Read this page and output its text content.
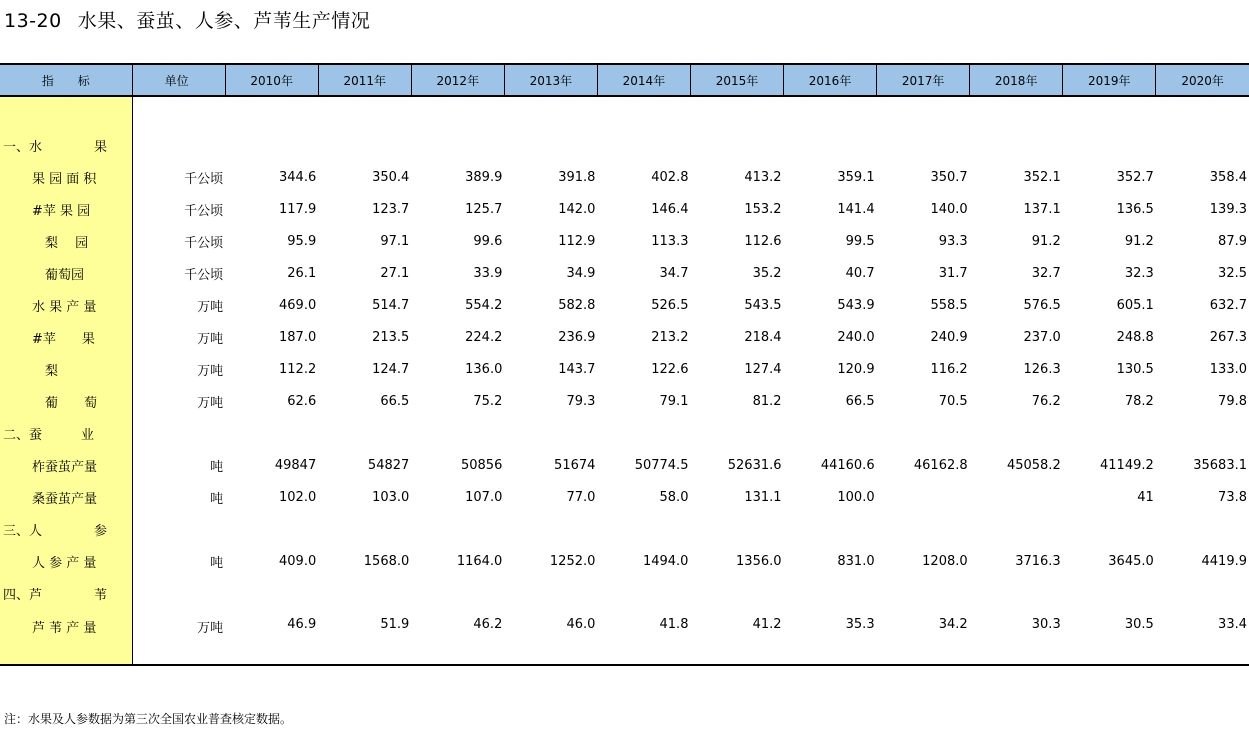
13-20 水果、蚕茧、人参、芦苇生产情况
指　　标	单位	2010年	2011年	2012年	2013年	2014年	2015年	2016年	2017年	2018年	2019年	2020年

一、水　　　　果												
果 园 面 积	千公顷	344.6	350.4	389.9	391.8	402.8	413.2	359.1	350.7	352.1	352.7	358.4
#苹 果 园	千公顷	117.9	123.7	125.7	142.0	146.4	153.2	141.4	140.0	137.1	136.5	139.3
　梨　 园	千公顷	95.9	97.1	99.6	112.9	113.3	112.6	99.5	93.3	91.2	91.2	87.9
　葡萄园	千公顷	26.1	27.1	33.9	34.9	34.7	35.2	40.7	31.7	32.7	32.3	32.5
水 果 产 量	万吨	469.0	514.7	554.2	582.8	526.5	543.5	543.9	558.5	576.5	605.1	632.7
#苹　　果	万吨	187.0	213.5	224.2	236.9	213.2	218.4	240.0	240.9	237.0	248.8	267.3
　梨	万吨	112.2	124.7	136.0	143.7	122.6	127.4	120.9	116.2	126.3	130.5	133.0
　葡　　萄	万吨	62.6	66.5	75.2	79.3	79.1	81.2	66.5	70.5	76.2	78.2	79.8
二、蚕　　　业												
柞蚕茧产量	吨	49847	54827	50856	51674	50774.5	52631.6	44160.6	46162.8	45058.2	41149.2	35683.1
桑蚕茧产量	吨	102.0	103.0	107.0	77.0	58.0	131.1	100.0			41	73.8
三、人　　　　参												
人 参 产 量	吨	409.0	1568.0	1164.0	1252.0	1494.0	1356.0	831.0	1208.0	3716.3	3645.0	4419.9
四、芦　　　　苇												
芦 苇 产 量	万吨	46.9	51.9	46.2	46.0	41.8	41.2	35.3	34.2	30.3	30.5	33.4
注：水果及人参数据为第三次全国农业普查核定数据。
